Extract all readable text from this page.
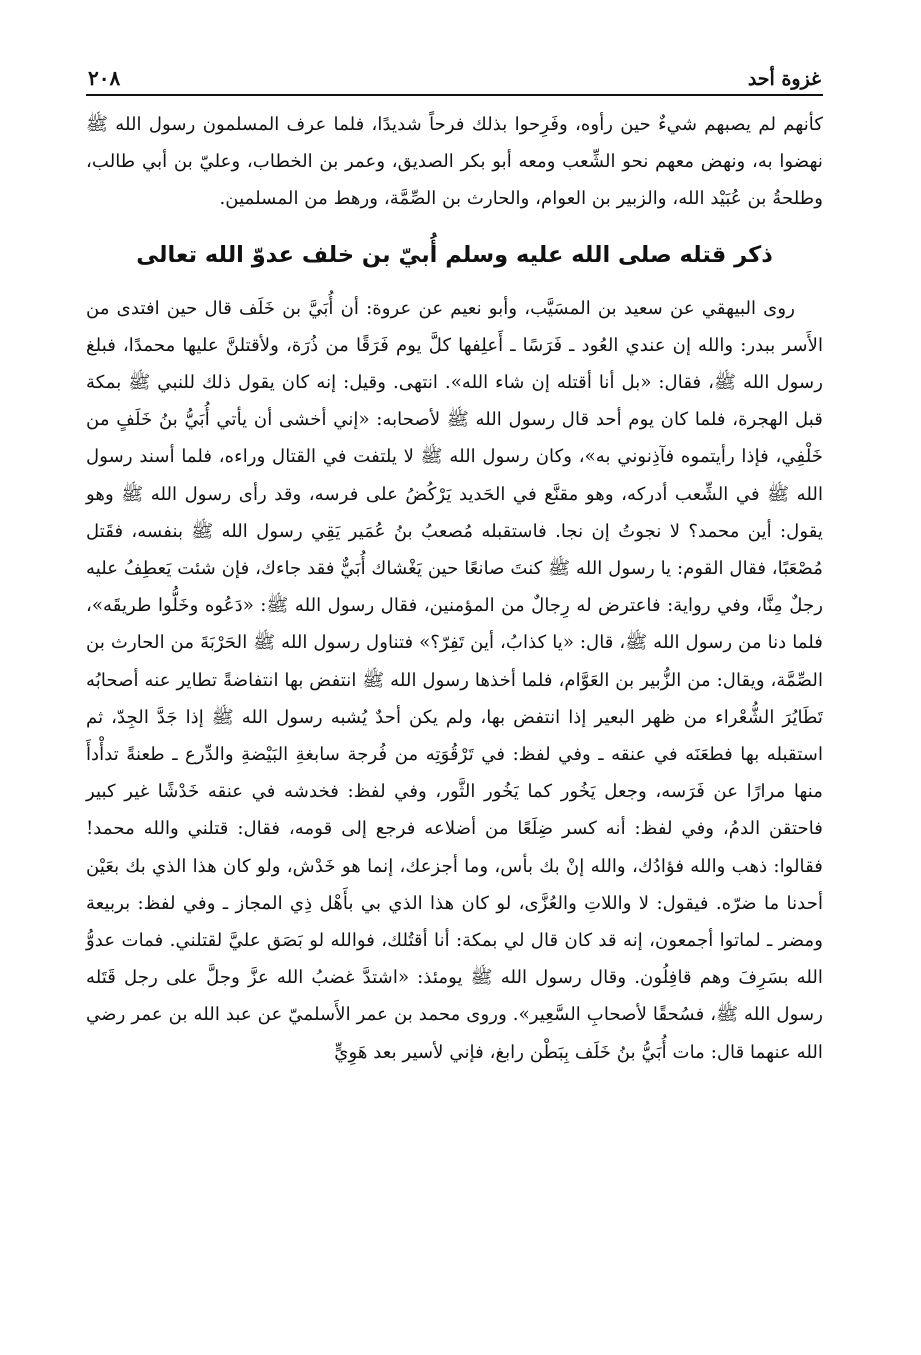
غزوة أحد
٢٠٨

كأنهم لم يصبهم شيءٌ حين رأوه، وفَرِحوا بذلك فرحاً شديدًا، فلما عرف المسلمون رسول الله ﷺ نهضوا به، ونهض معهم نحو الشِّعب ومعه أبو بكر الصديق، وعمر بن الخطاب، وعليّ بن أبي طالب، وطلحةُ بن عُبَيْد الله، والزبير بن العوام، والحارث بن الصِّمَّة، ورهط من المسلمين.

ذكر قتله صلى الله عليه وسلم أُبيّ بن خلف عدوّ الله تعالى

روى البيهقي عن سعيد بن المسَيَّب، وأبو نعيم عن عروة: أن أُبَيَّ بن خَلَف قال حين افتدى من الأَسر ببدر: والله إن عندي العُود ـ فَرَسًا ـ أَعلِفها كلَّ يوم فَرَقًا من ذُرَة، ولأقتلنَّ عليها محمدًا، فبلغ رسول الله ﷺ، فقال: «بل أنا أقتله إن شاء الله». انتهى. وقيل: إنه كان يقول ذلك للنبي ﷺ بمكة قبل الهجرة، فلما كان يوم أحد قال رسول الله ﷺ لأصحابه: «إني أخشى أن يأتي أُبَيُّ بنُ خَلَفٍ من خَلْفِي، فإذا رأيتموه فآذِنوني به»، وكان رسول الله ﷺ لا يلتفت في القتال وراءه، فلما أسند رسول الله ﷺ في الشِّعب أدركه، وهو مقنَّع في الحَديد يَرْكُضُ على فرسه، وقد رأى رسول الله ﷺ وهو يقول: أين محمد؟ لا نجوتُ إن نجا. فاستقبله مُصعبُ بنُ عُمَير يَقِي رسول الله ﷺ بنفسه، فقَتل مُصْعَبًا، فقال القوم: يا رسول الله ﷺ كنتَ صانعًا حين يَغْشاك أُبَيٌّ فقد جاءك، فإن شئت يَعطِفُ عليه رجلٌ مِنَّا، وفي رواية: فاعترض له رِجالٌ من المؤمنين، فقال رسول الله ﷺ: «دَعُوه وخَلُّوا طريقَه»، فلما دنا من رسول الله ﷺ، قال: «يا كذابُ، أين تَفِرّ؟» فتناول رسول الله ﷺ الحَرْبَةَ من الحارث بن الصِّمَّة، ويقال: من الزُّبير بن العَوَّام، فلما أخذها رسول الله ﷺ انتفض بها انتفاضةً تطاير عنه أصحابُه تَطَايُرَ الشُّعْراء من ظهر البعير إذا انتفض بها، ولم يكن أحدٌ يُشبه رسول الله ﷺ إذا جَدَّ الجِدّ، ثم استقبله بها فطعَنَه في عنقه ـ وفي لفظ: في تَرْقُوَتِه من فُرجة سابغةِ البَيْضةِ والدِّرع ـ طعنةً تدأْدأَ منها مرارًا عن فَرَسه، وجعل يَخُور كما يَخُور الثَّور، وفي لفظ: فخدشه في عنقه خَدْشًا غير كبير فاحتقن الدمُ، وفي لفظ: أنه كسر ضِلَعًا من أضلاعه فرجع إلى قومه، فقال: قتلني والله محمد! فقالوا: ذهب والله فؤادُك، والله إنْ بك بأس، وما أجزعك، إنما هو خَدْش، ولو كان هذا الذي بك بعَيْن أحدنا ما ضرّه. فيقول: لا واللاتِ والعُزَّى، لو كان هذا الذي بي بأَهْل ذِي المجاز ـ وفي لفظ: بربيعة ومضر ـ لماتوا أجمعون، إنه قد كان قال لي بمكة: أنا أقتُلك، فوالله لو بَصَق عليَّ لقتلني. فمات عدوُّ الله بسَرِفَ وهم قافِلُون. وقال رسول الله ﷺ يومئذ: «اشتدَّ غضبُ الله عزَّ وجلَّ على رجل قَتَله رسول الله ﷺ، فسُحقًا لأصحابِ السَّعِير». وروى محمد بن عمر الأَسلميّ عن عبد الله بن عمر رضي الله عنهما قال: مات أُبَيُّ بنُ خَلَف بِبَطْن رابغ، فإني لأسير بعد هَوِيٍّ
